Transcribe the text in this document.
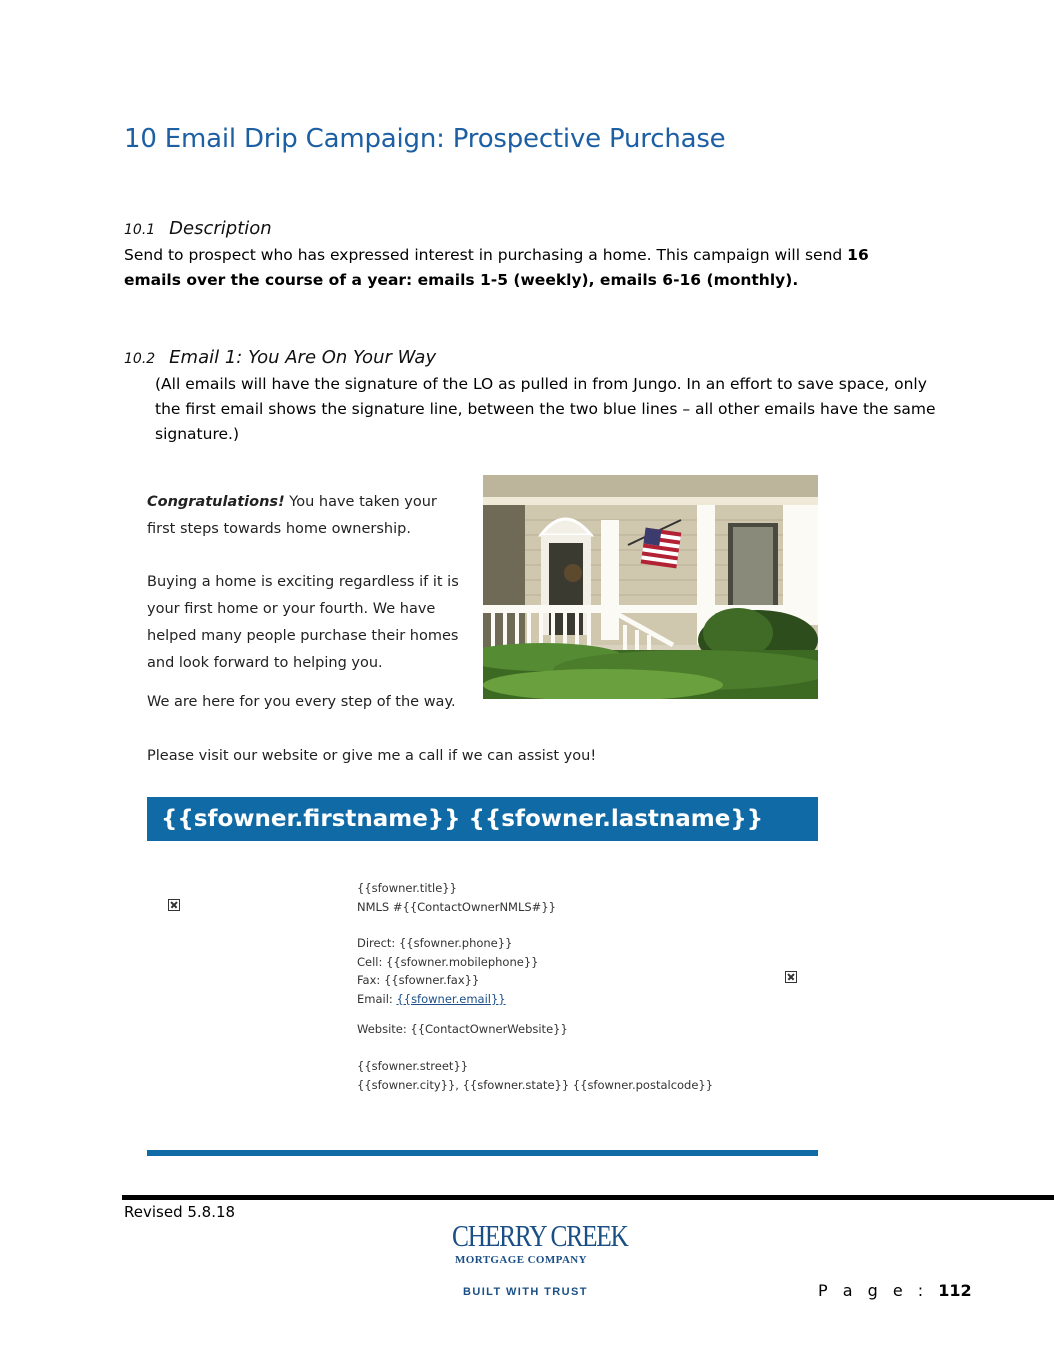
10 Email Drip Campaign: Prospective Purchase
10.1 Description

Send to prospect who has expressed interest in purchasing a home. This campaign will send 16 emails over the course of a year: emails 1-5 (weekly), emails 6-16 (monthly).

10.2 Email 1: You Are On Your Way

(All emails will have the signature of the LO as pulled in from Jungo. In an effort to save space, only the first email shows the signature line, between the two blue lines – all other emails have the same signature.)

Congratulations! You have taken your first steps towards home ownership.

Buying a home is exciting regardless if it is your first home or your fourth. We have helped many people purchase their homes and look forward to helping you.

We are here for you every step of the way.

Please visit our website or give me a call if we can assist you!

{{sfowner.firstname}} {{sfowner.lastname}}
{{sfowner.title}}
NMLS #{{ContactOwnerNMLS#}}
Direct: {{sfowner.phone}}
Cell: {{sfowner.mobilephone}}
Fax: {{sfowner.fax}}
Email: {{sfowner.email}}
Website: {{ContactOwnerWebsite}}
{{sfowner.street}}
{{sfowner.city}}, {{sfowner.state}} {{sfowner.postalcode}}
Revised 5.8.18
CHERRY CREEK
MORTGAGE COMPANY
BUILT WITH TRUST	P a g e : 112
